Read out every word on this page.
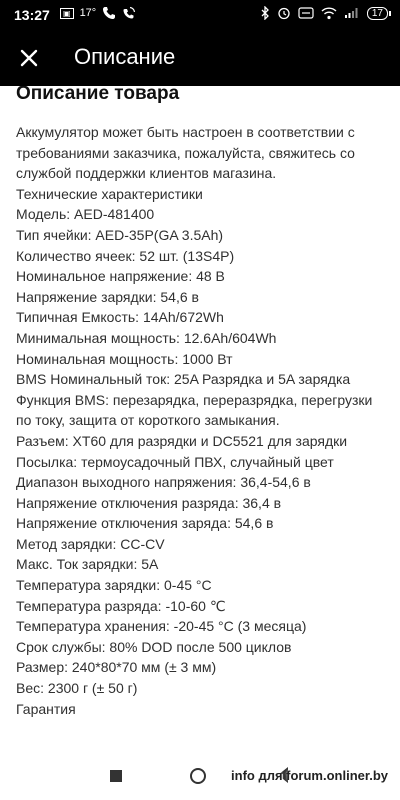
13:27	▣ 17°	17
Описание
Описание товара
Аккумулятор может быть настроен в соответствии с
требованиями заказчика, пожалуйста, свяжитесь со
службой поддержки клиентов магазина.
Технические характеристики
Модель: AED-481400
Тип ячейки: AED-35P(GA 3.5Ah)
Количество ячеек: 52 шт. (13S4P)
Номинальное напряжение: 48 В
Напряжение зарядки: 54,6 в
Типичная Емкость: 14Ah/672Wh
Минимальная мощность: 12.6Ah/604Wh
Номинальная мощность: 1000 Вт
BMS Номинальный ток: 25A Разрядка и 5A зарядка
Функция BMS: перезарядка, переразрядка, перегрузки
по току, защита от короткого замыкания.
Разъем: XT60 для разрядки и DC5521 для зарядки
Посылка: термоусадочный ПВХ, случайный цвет
Диапазон выходного напряжения: 36,4-54,6 в
Напряжение отключения разряда: 36,4 в
Напряжение отключения заряда: 54,6 в
Метод зарядки: CC-CV
Макс. Ток зарядки: 5A
Температура зарядки: 0-45 °C
Температура разряда: -10-60 ℃
Температура хранения: -20-45 °C (3 месяца)
Срок службы: 80% DOD после 500 циклов
Размер: 240*80*70 мм (± 3 мм)
Вес: 2300 г (± 50 г)
Гарантия
info для forum.onliner.by
